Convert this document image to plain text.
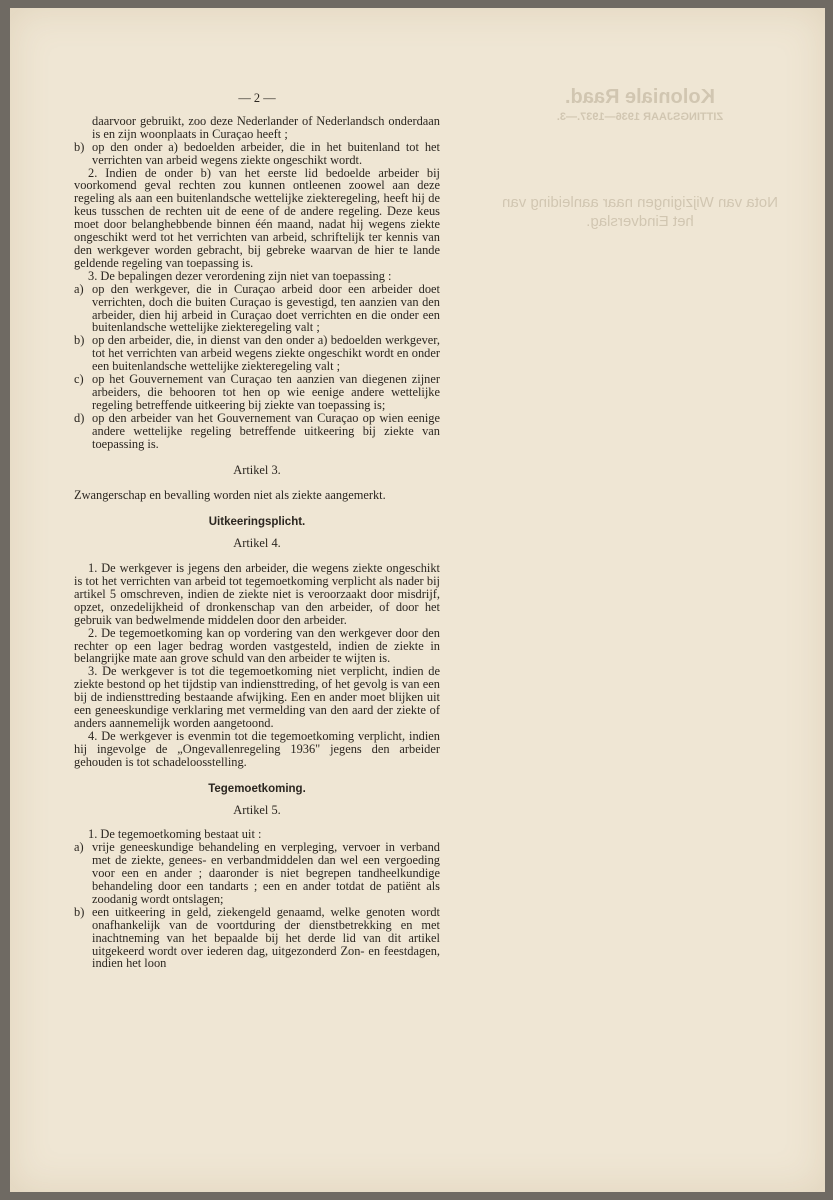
Koloniale Raad.
ZITTINGSJAAR 1936—1937.—3.
Nota van Wijzigingen naar aanleiding van het Eindverslag.
— 2 —

daarvoor gebruikt, zoo deze Nederlander of Nederlandsch onderdaan is en zijn woonplaats in Curaçao heeft ;

b) op den onder a) bedoelden arbeider, die in het buitenland tot het verrichten van arbeid wegens ziekte ongeschikt wordt.

2. Indien de onder b) van het eerste lid bedoelde arbeider bij voorkomend geval rechten zou kunnen ontleenen zoowel aan deze regeling als aan een buitenlandsche wettelijke ziekteregeling, heeft hij de keus tusschen de rechten uit de eene of de andere regeling. Deze keus moet door belanghebbende binnen één maand, nadat hij wegens ziekte ongeschikt werd tot het verrichten van arbeid, schriftelijk ter kennis van den werkgever worden gebracht, bij gebreke waarvan de hier te lande geldende regeling van toepassing is.

3. De bepalingen dezer verordening zijn niet van toepassing :

a) op den werkgever, die in Curaçao arbeid door een arbeider doet verrichten, doch die buiten Curaçao is gevestigd, ten aanzien van den arbeider, dien hij arbeid in Curaçao doet verrichten en die onder een buitenlandsche wettelijke ziekteregeling valt ;
b) op den arbeider, die, in dienst van den onder a) bedoelden werkgever, tot het verrichten van arbeid wegens ziekte ongeschikt wordt en onder een buitenlandsche wettelijke ziekteregeling valt ;
c) op het Gouvernement van Curaçao ten aanzien van diegenen zijner arbeiders, die behooren tot hen op wie eenige andere wettelijke regeling betreffende uitkeering bij ziekte van toepassing is;
d) op den arbeider van het Gouvernement van Curaçao op wien eenige andere wettelijke regeling betreffende uitkeering bij ziekte van toepassing is.

Artikel 3.

Zwangerschap en bevalling worden niet als ziekte aangemerkt.

Uitkeeringsplicht.

Artikel 4.

1. De werkgever is jegens den arbeider, die wegens ziekte ongeschikt is tot het verrichten van arbeid tot tegemoetkoming verplicht als nader bij artikel 5 omschreven, indien de ziekte niet is veroorzaakt door misdrijf, opzet, onzedelijkheid of dronkenschap van den arbeider, of door het gebruik van bedwelmende middelen door den arbeider.

2. De tegemoetkoming kan op vordering van den werkgever door den rechter op een lager bedrag worden vastgesteld, indien de ziekte in belangrijke mate aan grove schuld van den arbeider te wijten is.

3. De werkgever is tot die tegemoetkoming niet verplicht, indien de ziekte bestond op het tijdstip van indiensttreding, of het gevolg is van een bij de indiensttreding bestaande afwijking. Een en ander moet blijken uit een geneeskundige verklaring met vermelding van den aard der ziekte of anders aannemelijk worden aangetoond.

4. De werkgever is evenmin tot die tegemoetkoming verplicht, indien hij ingevolge de „Ongevallenregeling 1936" jegens den arbeider gehouden is tot schadeloosstelling.

Tegemoetkoming.

Artikel 5.

1. De tegemoetkoming bestaat uit :

a) vrije geneeskundige behandeling en verpleging, vervoer in verband met de ziekte, genees- en verbandmiddelen dan wel een vergoeding voor een en ander ; daaronder is niet begrepen tandheelkundige behandeling door een tandarts ; een en ander totdat de patiënt als zoodanig wordt ontslagen;
b) een uitkeering in geld, ziekengeld genaamd, welke genoten wordt onafhankelijk van de voortduring der dienstbetrekking en met inachtneming van het bepaalde bij het derde lid van dit artikel uitgekeerd wordt over iederen dag, uitgezonderd Zon- en feestdagen, indien het loon
